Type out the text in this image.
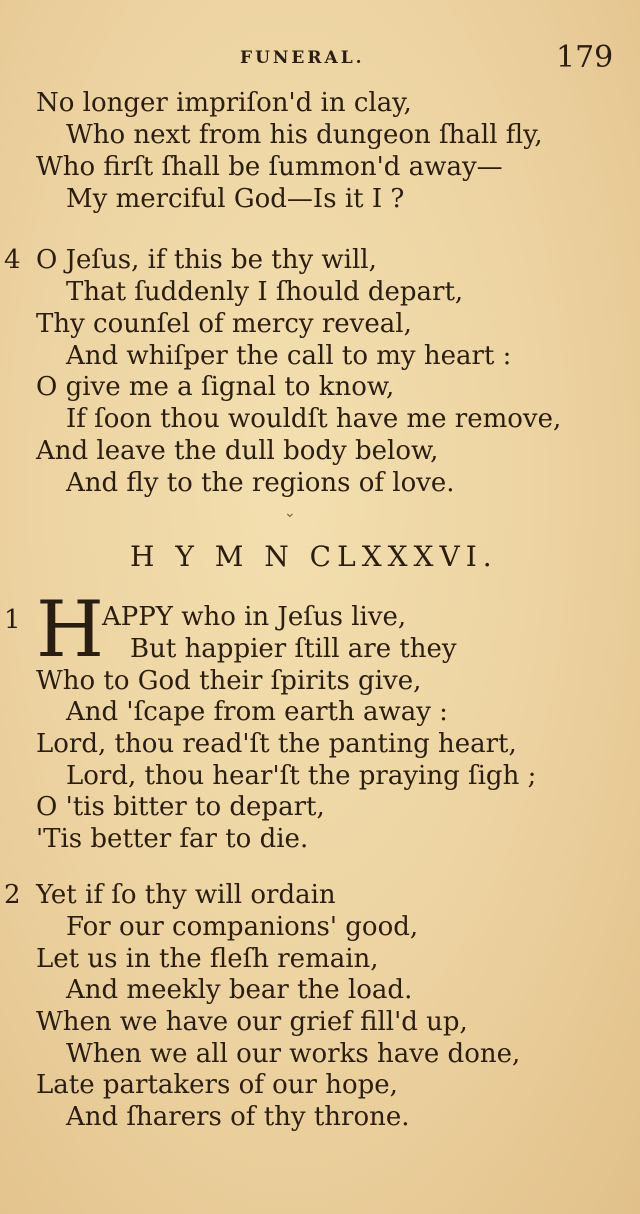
FUNERAL.	179
No longer impriſon'd in clay,
Who next from his dungeon ſhall fly,
Who firſt ſhall be ſummon'd away—
My merciful God—Is it I ?
4 O Jeſus, if this be thy will,
That ſuddenly I ſhould depart,
Thy counſel of mercy reveal,
And whiſper the call to my heart :
O give me a ſignal to know,
If ſoon thou wouldſt have me remove,
And leave the dull body below,
And fly to the regions of love.
⌄
H Y M N CLXXXVI.
1 H
APPY who in Jeſus live,
But happier ſtill are they
Who to God their ſpirits give,
And 'ſcape from earth away :
Lord, thou read'ſt the panting heart,
Lord, thou hear'ſt the praying ſigh ;
O 'tis bitter to depart,
'Tis better far to die.
2 Yet if ſo thy will ordain
For our companions' good,
Let us in the fleſh remain,
And meekly bear the load.
When we have our grief fill'd up,
When we all our works have done,
Late partakers of our hope,
And ſharers of thy throne.
